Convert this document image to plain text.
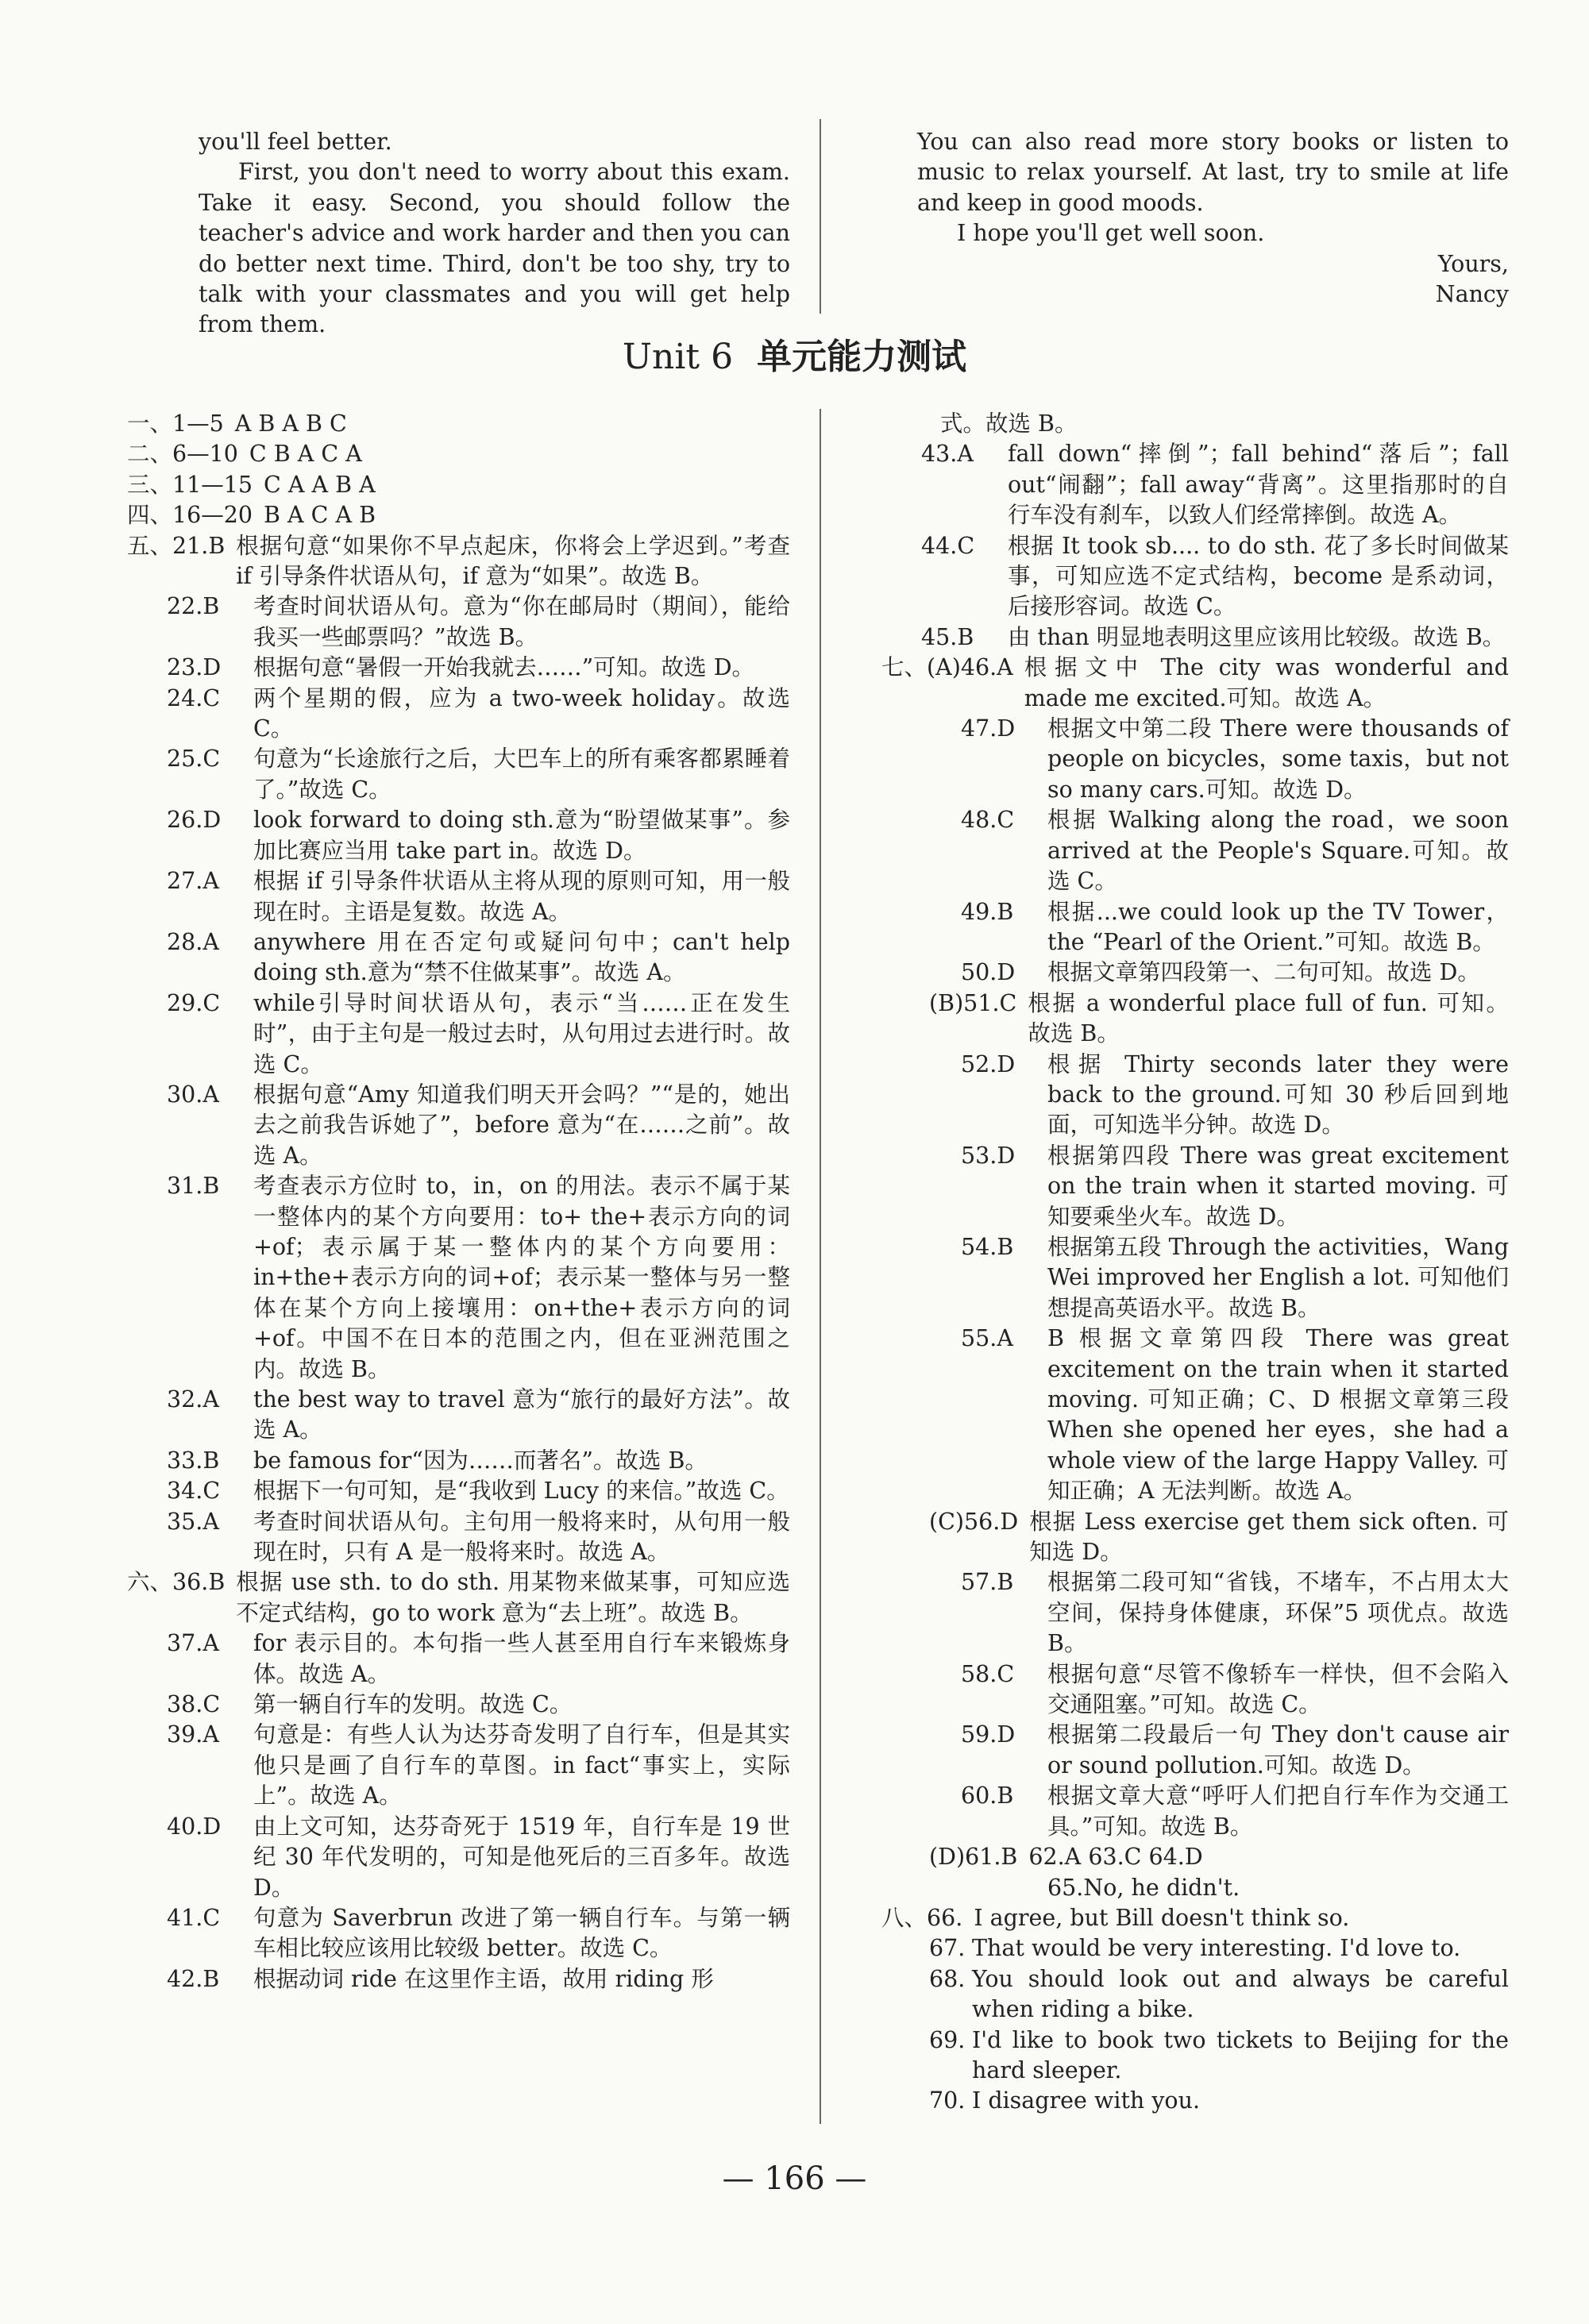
you'll feel better.

First, you don't need to worry about this exam. Take it easy. Second, you should follow the teacher's advice and work harder and then you can do better next time. Third, don't be too shy, try to talk with your classmates and you will get help from them.

You can also read more story books or listen to music to relax yourself. At last, try to smile at life and keep in good moods.

I hope you'll get well soon.

Yours,

Nancy

Unit 6 单元能力测试
一、1—5 A B A B C
二、6—10 C B A C A
三、11—15 C A A B A
四、16—20 B A C A B
五、21.B 根据句意“如果你不早点起床，你将会上学迟到。”考查 if 引导条件状语从句，if 意为“如果”。故选 B。
22.B	考查时间状语从句。意为“你在邮局时（期间），能给我买一些邮票吗？”故选 B。
23.D	根据句意“暑假一开始我就去……”可知。故选 D。
24.C	两个星期的假，应为 a two-week holiday。故选 C。
25.C	句意为“长途旅行之后，大巴车上的所有乘客都累睡着了。”故选 C。
26.D	look forward to doing sth.意为“盼望做某事”。参加比赛应当用 take part in。故选 D。
27.A	根据 if 引导条件状语从主将从现的原则可知，用一般现在时。主语是复数。故选 A。
28.A	anywhere 用在否定句或疑问句中；can't help doing sth.意为“禁不住做某事”。故选 A。
29.C	while引导时间状语从句，表示“当……正在发生时”，由于主句是一般过去时，从句用过去进行时。故选 C。
30.A	根据句意“Amy 知道我们明天开会吗？”“是的，她出去之前我告诉她了”，before 意为“在……之前”。故选 A。
31.B	考查表示方位时 to，in，on 的用法。表示不属于某一整体内的某个方向要用：to+ the+表示方向的词+of；表示属于某一整体内的某个方向要用：in+the+表示方向的词+of；表示某一整体与另一整体在某个方向上接壤用：on+the+表示方向的词+of。中国不在日本的范围之内，但在亚洲范围之内。故选 B。
32.A	the best way to travel 意为“旅行的最好方法”。故选 A。
33.B	be famous for“因为……而著名”。故选 B。
34.C	根据下一句可知，是“我收到 Lucy 的来信。”故选 C。
35.A	考查时间状语从句。主句用一般将来时，从句用一般现在时，只有 A 是一般将来时。故选 A。
六、36.B 根据 use sth. to do sth. 用某物来做某事，可知应选不定式结构，go to work 意为“去上班”。故选 B。
37.A	for 表示目的。本句指一些人甚至用自行车来锻炼身体。故选 A。
38.C	第一辆自行车的发明。故选 C。
39.A	句意是：有些人认为达芬奇发明了自行车，但是其实他只是画了自行车的草图。in fact“事实上，实际上”。故选 A。
40.D	由上文可知，达芬奇死于 1519 年，自行车是 19 世纪 30 年代发明的，可知是他死后的三百多年。故选 D。
41.C	句意为 Saverbrun 改进了第一辆自行车。与第一辆车相比较应该用比较级 better。故选 C。
42.B	根据动词 ride 在这里作主语，故用 riding 形
式。故选 B。
43.A	fall down“摔倒”；fall behind“落后”；fall out“闹翻”；fall away“背离”。这里指那时的自行车没有刹车，以致人们经常摔倒。故选 A。
44.C	根据 It took sb.... to do sth. 花了多长时间做某事，可知应选不定式结构，become 是系动词，后接形容词。故选 C。
45.B	由 than 明显地表明这里应该用比较级。故选 B。
七、(A)46.A 根据文中 The city was wonderful and made me excited.可知。故选 A。
47.D	根据文中第二段 There were thousands of people on bicycles，some taxis，but not so many cars.可知。故选 D。
48.C	根据 Walking along the road，we soon arrived at the People's Square.可知。故选 C。
49.B	根据...we could look up the TV Tower，the “Pearl of the Orient.”可知。故选 B。
50.D	根据文章第四段第一、二句可知。故选 D。
(B)51.C 根据 a wonderful place full of fun. 可知。故选 B。
52.D	根据 Thirty seconds later they were back to the ground.可知 30 秒后回到地面，可知选半分钟。故选 D。
53.D	根据第四段 There was great excitement on the train when it started moving. 可知要乘坐火车。故选 D。
54.B	根据第五段 Through the activities，Wang Wei improved her English a lot. 可知他们想提高英语水平。故选 B。
55.A	B 根据文章第四段 There was great excitement on the train when it started moving. 可知正确；C、D 根据文章第三段 When she opened her eyes，she had a whole view of the large Happy Valley. 可知正确；A 无法判断。故选 A。
(C)56.D 根据 Less exercise get them sick often. 可知选 D。
57.B	根据第二段可知“省钱，不堵车，不占用太大空间，保持身体健康，环保”5 项优点。故选 B。
58.C	根据句意“尽管不像轿车一样快，但不会陷入交通阻塞。”可知。故选 C。
59.D	根据第二段最后一句 They don't cause air or sound pollution.可知。故选 D。
60.B	根据文章大意“呼吁人们把自行车作为交通工具。”可知。故选 B。
(D)61.B 62.A 63.C 64.D
65.No, he didn't.
八、66. I agree, but Bill doesn't think so.
67. That would be very interesting. I'd love to.
68. You should look out and always be careful when riding a bike.
69. I'd like to book two tickets to Beijing for the hard sleeper.
70. I disagree with you.
— 166 —
